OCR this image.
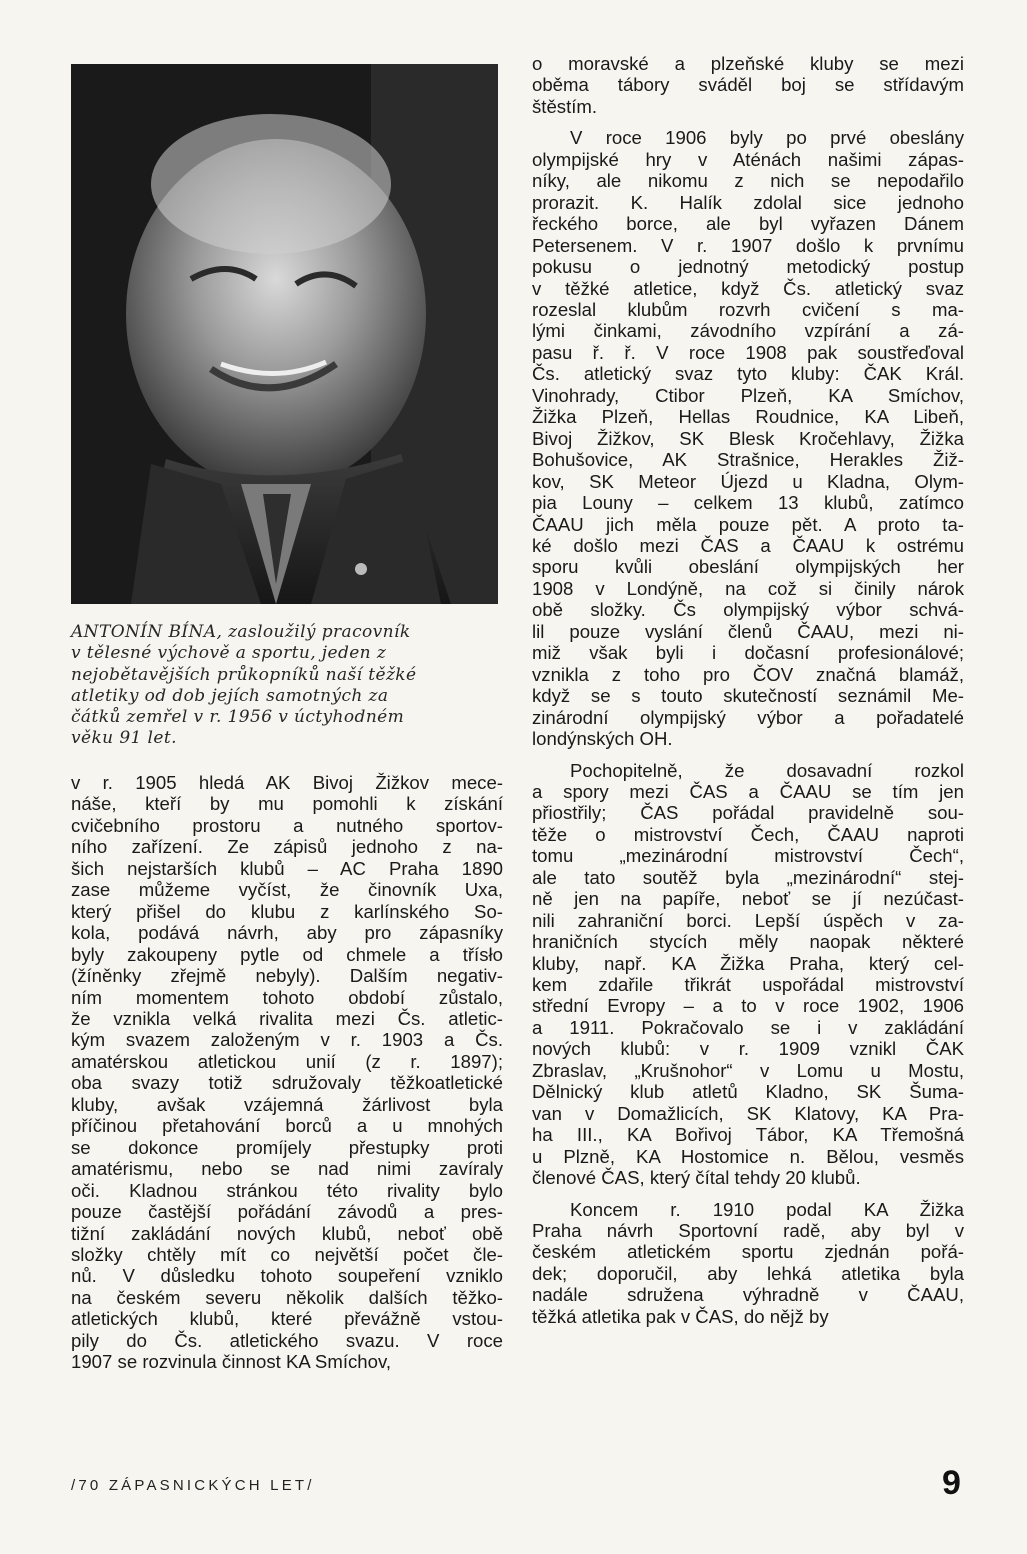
ANTONÍN BÍNA, zasloužilý pracovník
v tělesné výchově a sportu, jeden z
nejobětavějších průkopníků naší těžké
atletiky od dob jejích samotných za
čátků zemřel v r. 1956 v úctyhodném
věku 91 let.

v r. 1905 hledá AK Bivoj Žižkov mece-
náše, kteří by mu pomohli k získání
cvičebního prostoru a nutného sportov-
ního zařízení. Ze zápisů jednoho z na-
šich nejstarších klubů – AC Praha 1890
zase můžeme vyčíst, že činovník Uxa,
který přišel do klubu z karlínského So-
kola, podává návrh, aby pro zápasníky
byly zakoupeny pytle od chmele a třísło
(žíněnky zřejmě nebyly). Dalším negativ-
ním momentem tohoto období zůstalo,
že vznikla velká rivalita mezi Čs. atletic-
kým svazem založeným v r. 1903 a Čs.
amatérskou atletickou unií (z r. 1897);
oba svazy totiž sdružovaly těžkoatletické
kluby, avšak vzájemná žárlivost byla
příčinou přetahování borců a u mnohých
se dokonce promíjely přestupky proti
amatérismu, nebo se nad nimi zavíraly
oči. Kladnou stránkou této rivality bylo
pouze častější pořádání závodů a pres-
tižní zakládání nových klubů, neboť obě
složky chtěly mít co největší počet čle-
nů. V důsledku tohoto soupeření vzniklo
na českém severu několik dalších těžko-
atletických klubů, které převážně vstou-
pily do Čs. atletického svazu. V roce
1907 se rozvinula činnost KA Smíchov,

o moravské a plzeňské kluby se mezi
oběma tábory sváděl boj se střídavým
štěstím.

V roce 1906 byly po prvé obeslány
olympijské hry v Aténách našimi zápas-
níky, ale nikomu z nich se nepodařilo
prorazit. K. Halík zdolal sice jednoho
řeckého borce, ale byl vyřazen Dánem
Petersenem. V r. 1907 došlo k prvnímu
pokusu o jednotný metodický postup
v těžké atletice, když Čs. atletický svaz
rozeslal klubům rozvrh cvičení s ma-
lými činkami, závodního vzpírání a zá-
pasu ř. ř. V roce 1908 pak soustřeďoval
Čs. atletický svaz tyto kluby: ČAK Král.
Vinohrady, Ctibor Plzeň, KA Smíchov,
Žižka Plzeň, Hellas Roudnice, KA Libeň,
Bivoj Žižkov, SK Blesk Kročehlavy, Žižka
Bohušovice, AK Strašnice, Herakles Žiž-
kov, SK Meteor Újezd u Kladna, Olym-
pia Louny – celkem 13 klubů, zatímco
ČAAU jich měla pouze pět. A proto ta-
ké došlo mezi ČAS a ČAAU k ostrému
sporu kvůli obeslání olympijských her
1908 v Londýně, na což si činily nárok
obě složky. Čs olympijský výbor schvá-
lil pouze vyslání členů ČAAU, mezi ni-
miž však byli i dočasní profesionálové;
vznikla z toho pro ČOV značná blamáž,
když se s touto skutečností seznámil Me-
zinárodní olympijský výbor a pořadatelé
londýnských OH.

Pochopitelně, že dosavadní rozkol
a spory mezi ČAS a ČAAU se tím jen
přiostřily; ČAS pořádal pravidelně sou-
těže o mistrovství Čech, ČAAU naproti
tomu „mezinárodní mistrovství Čech“,
ale tato soutěž byla „mezinárodní“ stej-
ně jen na papíře, neboť se jí nezúčast-
nili zahraniční borci. Lepší úspěch v za-
hraničních stycích měly naopak některé
kluby, např. KA Žižka Praha, který cel-
kem zdařile třikrát uspořádal mistrovství
střední Evropy – a to v roce 1902, 1906
a 1911. Pokračovalo se i v zakládání
nových klubů: v r. 1909 vznikl ČAK
Zbraslav, „Krušnohor“ v Lomu u Mostu,
Dělnický klub atletů Kladno, SK Šuma-
van v Domažlicích, SK Klatovy, KA Pra-
ha III., KA Bořivoj Tábor, KA Třemošná
u Plzně, KA Hostomice n. Bělou, vesměs
členové ČAS, který čítal tehdy 20 klubů.

Koncem r. 1910 podal KA Žižka
Praha návrh Sportovní radě, aby byl v
českém atletickém sportu zjednán pořá-
dek; doporučil, aby lehká atletika byla
nadále sdružena výhradně v ČAAU,
těžká atletika pak v ČAS, do nějž by

/70 ZÁPASNICKÝCH LET/	9
